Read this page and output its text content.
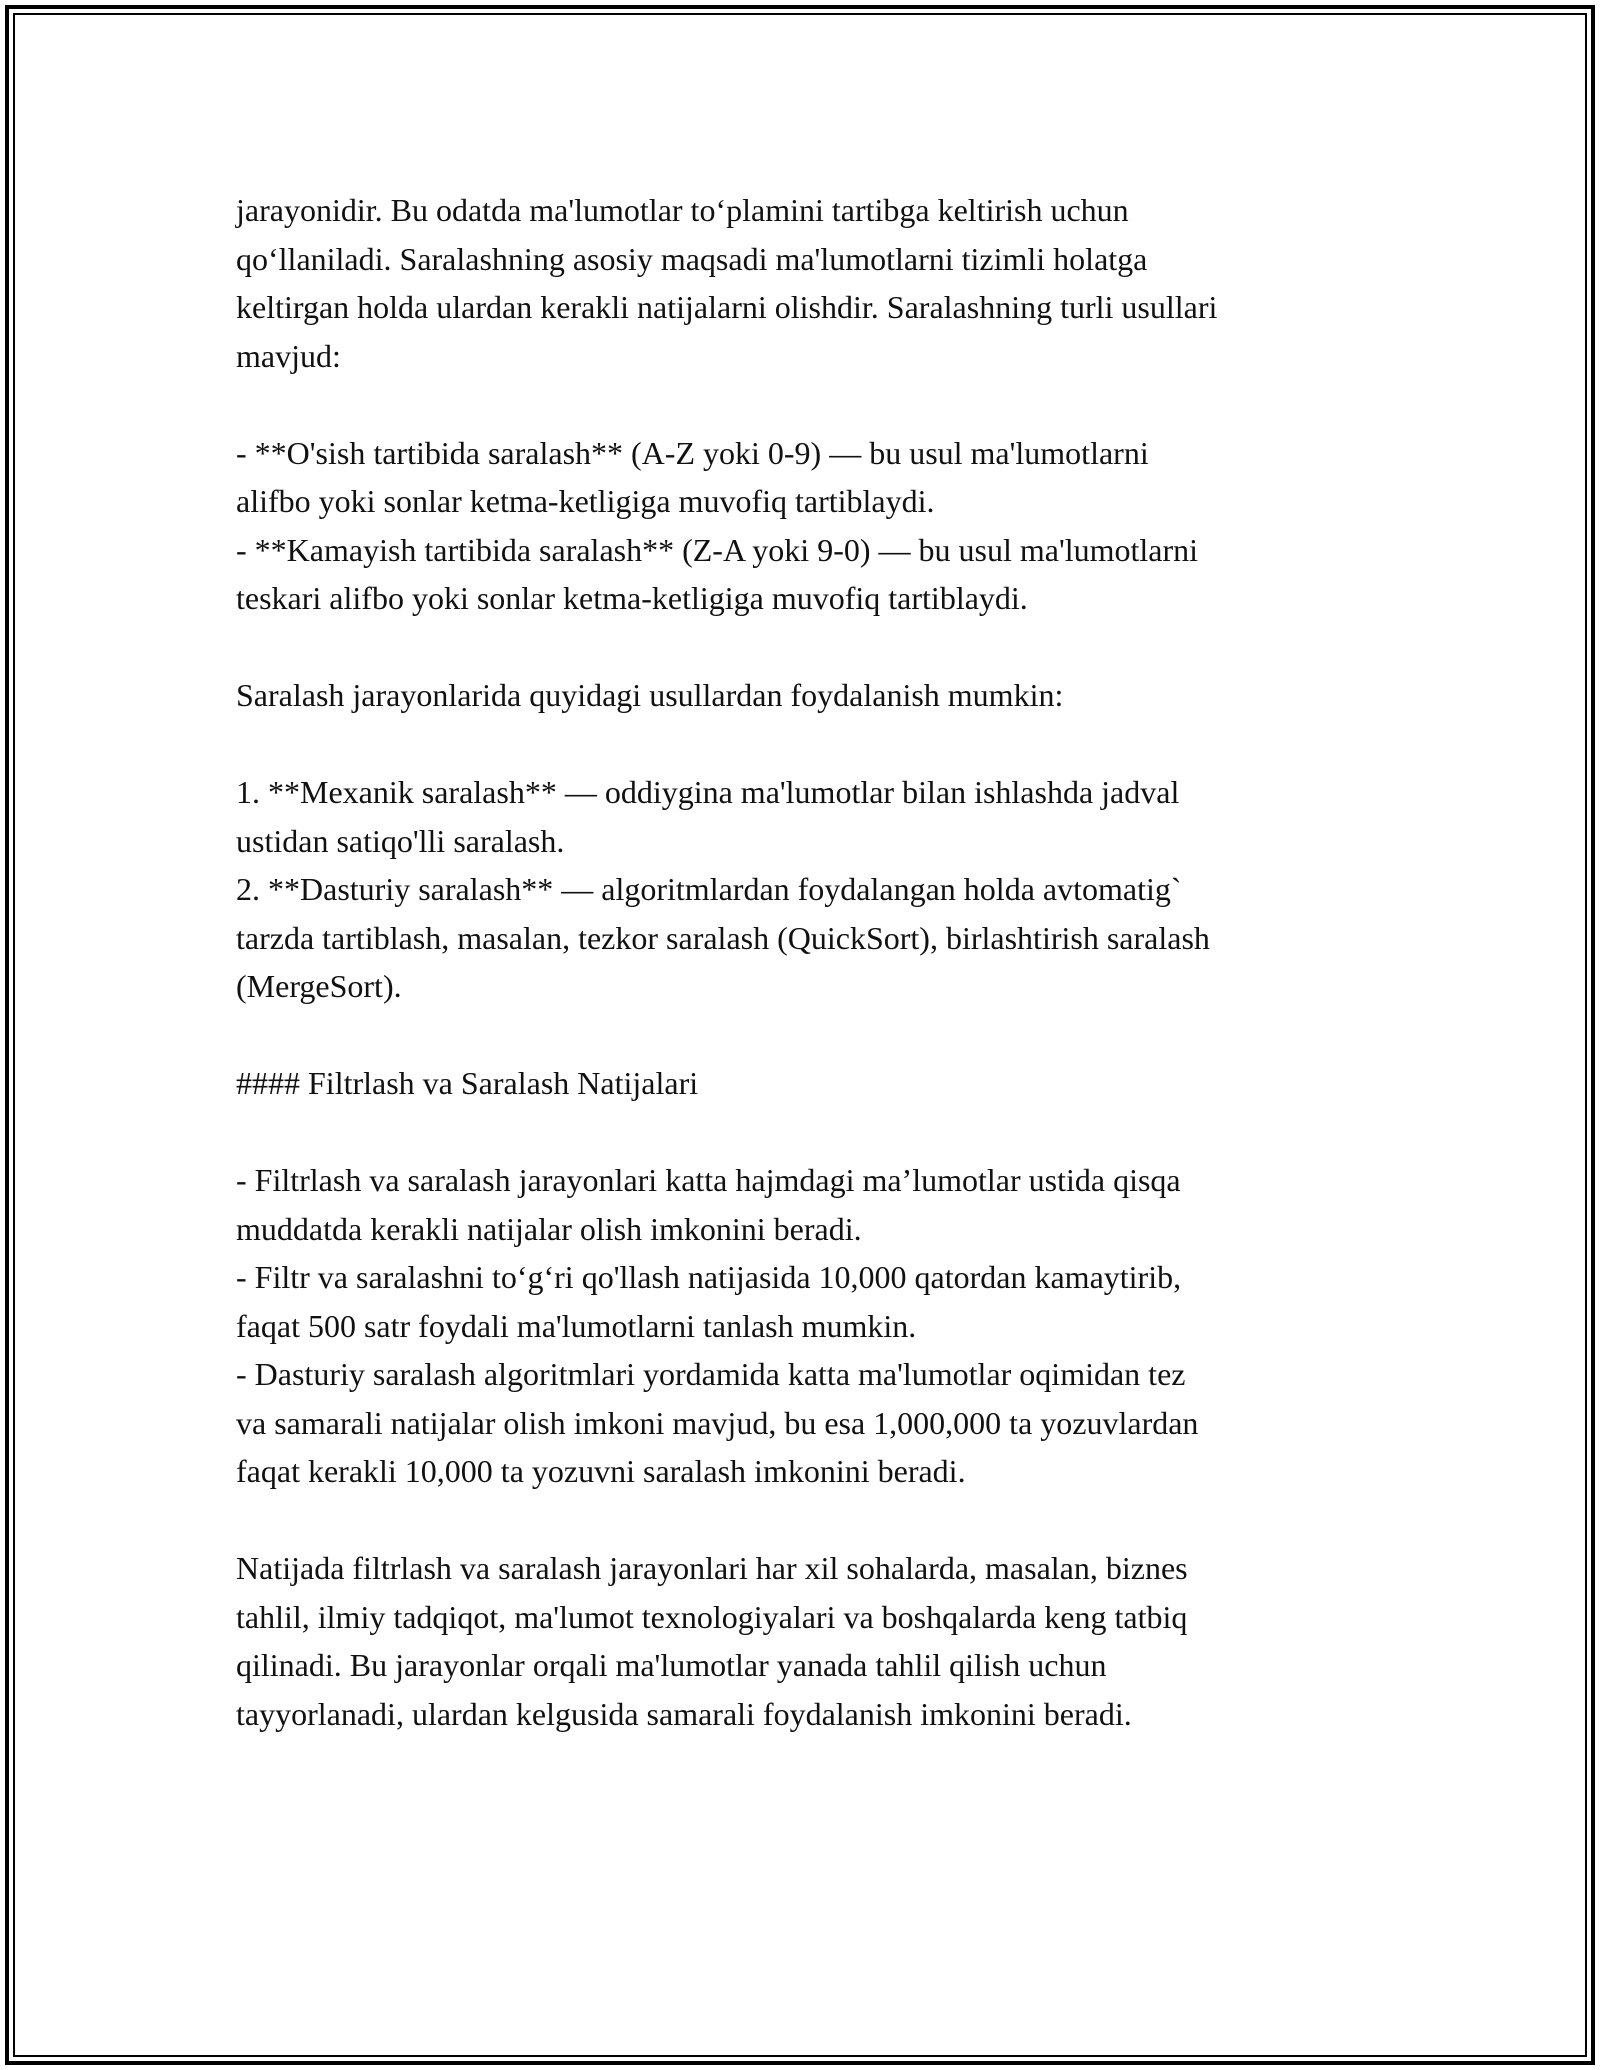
jarayonidir. Bu odatda ma'lumotlar to‘plamini tartibga keltirish uchun
qo‘llaniladi. Saralashning asosiy maqsadi ma'lumotlarni tizimli holatga
keltirgan holda ulardan kerakli natijalarni olishdir. Saralashning turli usullari
mavjud:
- **O'sish tartibida saralash** (A-Z yoki 0-9) — bu usul ma'lumotlarni
alifbo yoki sonlar ketma-ketligiga muvofiq tartiblaydi.
- **Kamayish tartibida saralash** (Z-A yoki 9-0) — bu usul ma'lumotlarni
teskari alifbo yoki sonlar ketma-ketligiga muvofiq tartiblaydi.
Saralash jarayonlarida quyidagi usullardan foydalanish mumkin:
1. **Mexanik saralash** — oddiygina ma'lumotlar bilan ishlashda jadval
ustidan satiqo'lli saralash.
2. **Dasturiy saralash** — algoritmlardan foydalangan holda avtomatig`
tarzda tartiblash, masalan, tezkor saralash (QuickSort), birlashtirish saralash
(MergeSort).
#### Filtrlash va Saralash Natijalari
- Filtrlash va saralash jarayonlari katta hajmdagi ma’lumotlar ustida qisqa
muddatda kerakli natijalar olish imkonini beradi.
- Filtr va saralashni to‘g‘ri qo'llash natijasida 10,000 qatordan kamaytirib,
faqat 500 satr foydali ma'lumotlarni tanlash mumkin.
- Dasturiy saralash algoritmlari yordamida katta ma'lumotlar oqimidan tez
va samarali natijalar olish imkoni mavjud, bu esa 1,000,000 ta yozuvlardan
faqat kerakli 10,000 ta yozuvni saralash imkonini beradi.
Natijada filtrlash va saralash jarayonlari har xil sohalarda, masalan, biznes
tahlil, ilmiy tadqiqot, ma'lumot texnologiyalari va boshqalarda keng tatbiq
qilinadi. Bu jarayonlar orqali ma'lumotlar yanada tahlil qilish uchun
tayyorlanadi, ulardan kelgusida samarali foydalanish imkonini beradi.
